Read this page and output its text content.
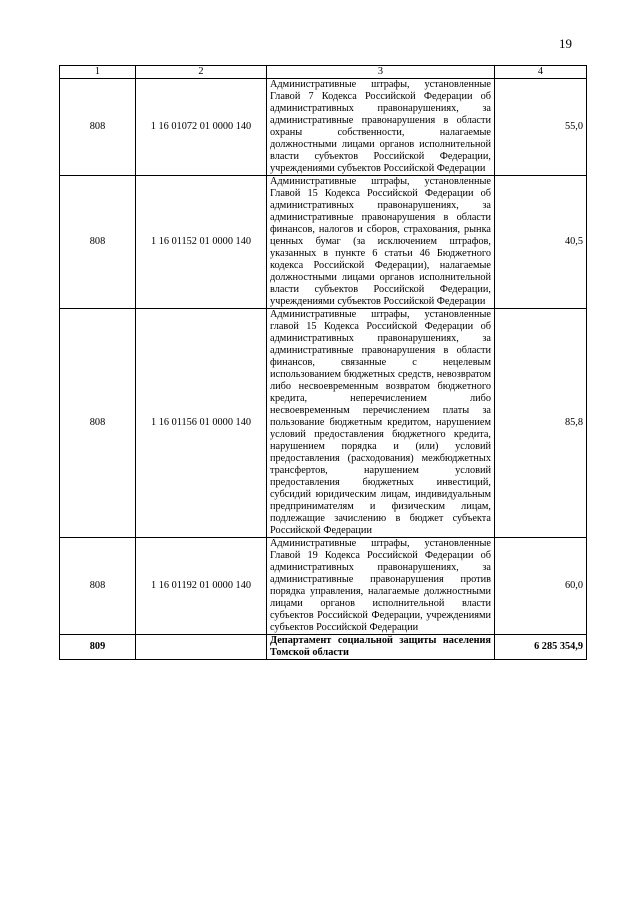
19
1	2	3	4
808	1 16 01072 01 0000 140	Административные штрафы, установленные Главой 7 Кодекса Российской Федерации об административных правонарушениях, за административные правонарушения в области охраны собственности, налагаемые должностными лицами органов исполнительной власти субъектов Российской Федерации, учреждениями субъектов Российской Федерации	55,0
808	1 16 01152 01 0000 140	Административные штрафы, установленные Главой 15 Кодекса Российской Федерации об административных правонарушениях, за административные правонарушения в области финансов, налогов и сборов, страхования, рынка ценных бумаг (за исключением штрафов, указанных в пункте 6 статьи 46 Бюджетного кодекса Российской Федерации), налагаемые должностными лицами органов исполнительной власти субъектов Российской Федерации, учреждениями субъектов Российской Федерации	40,5
808	1 16 01156 01 0000 140	Административные штрафы, установленные главой 15 Кодекса Российской Федерации об административных правонарушениях, за административные правонарушения в области финансов, связанные с нецелевым использованием бюджетных средств, невозвратом либо несвоевременным возвратом бюджетного кредита, неперечислением либо несвоевременным перечислением платы за пользование бюджетным кредитом, нарушением условий предоставления бюджетного кредита, нарушением порядка и (или) условий предоставления (расходования) межбюджетных трансфертов, нарушением условий предоставления бюджетных инвестиций, субсидий юридическим лицам, индивидуальным предпринимателям и физическим лицам, подлежащие зачислению в бюджет субъекта Российской Федерации	85,8
808	1 16 01192 01 0000 140	Административные штрафы, установленные Главой 19 Кодекса Российской Федерации об административных правонарушениях, за административные правонарушения против порядка управления, налагаемые должностными лицами органов исполнительной власти субъектов Российской Федерации, учреждениями субъектов Российской Федерации	60,0
809		Департамент социальной защиты населения Томской области	6 285 354,9
